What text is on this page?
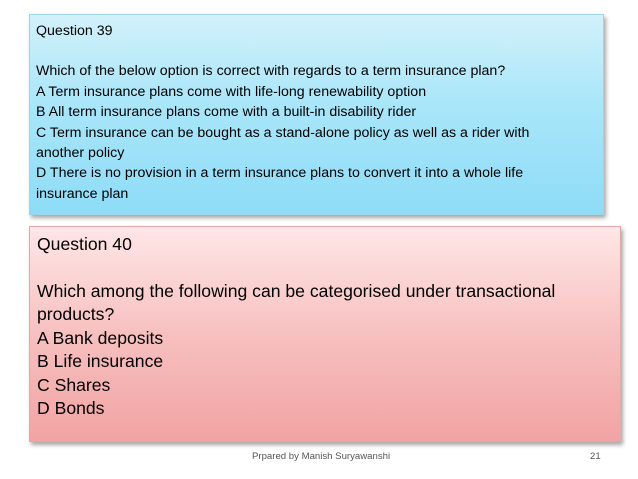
Question 39
Which of the below option is correct with regards to a term insurance plan?
A Term insurance plans come with life-long renewability option
B All term insurance plans come with a built-in disability rider
C Term insurance can be bought as a stand-alone policy as well as a rider with
another policy
D There is no provision in a term insurance plans to convert it into a whole life
insurance plan
Question 40
Which among the following can be categorised under transactional
products?
A Bank deposits
B Life insurance
C Shares
D Bonds
Prpared by Manish Suryawanshi	21
